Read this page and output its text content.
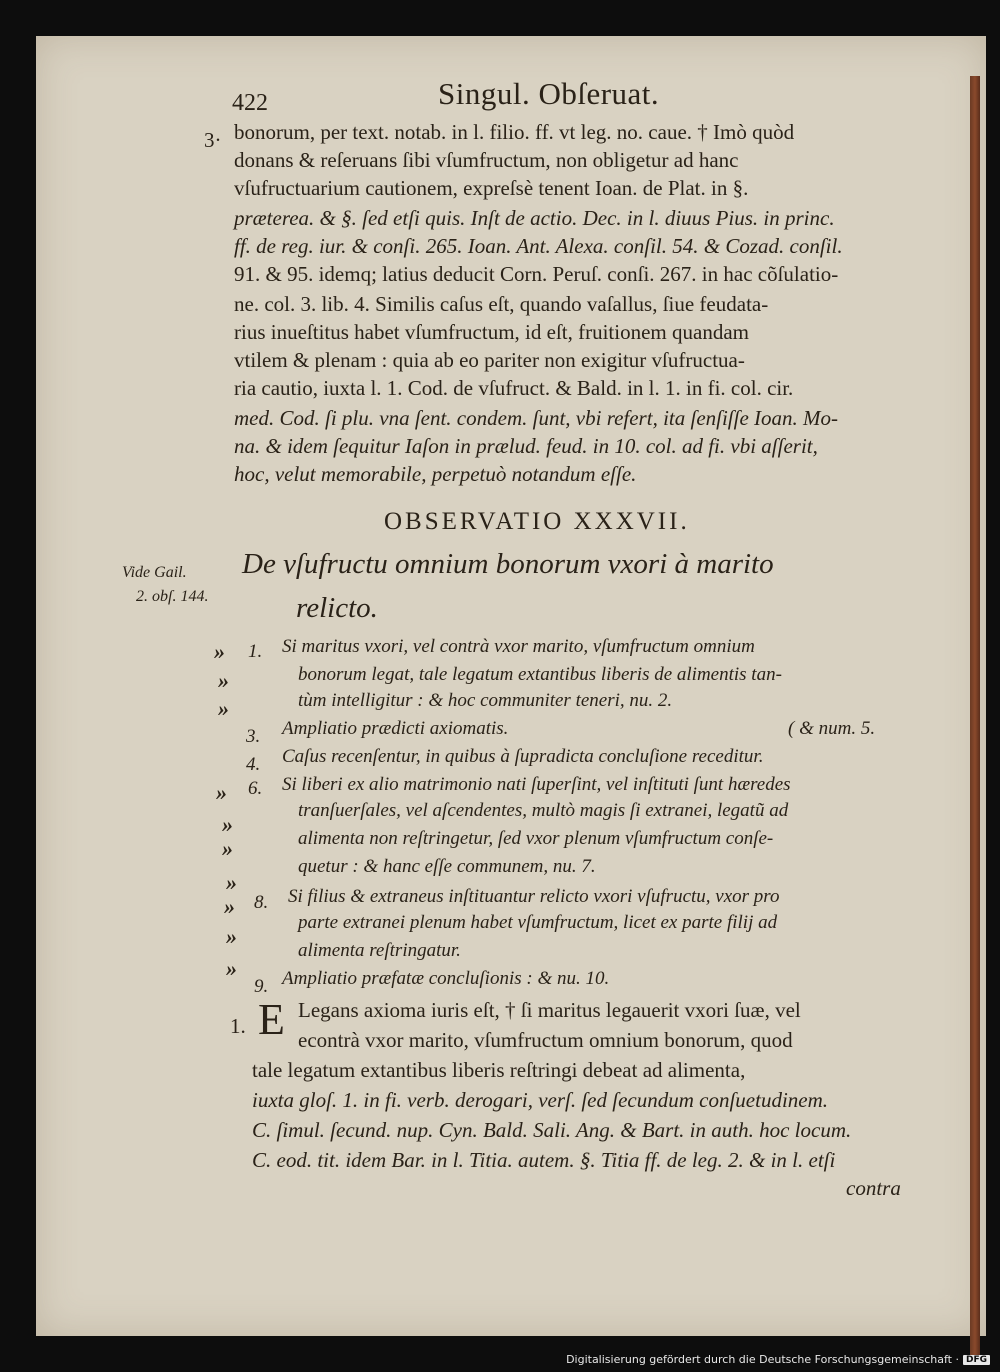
422	Singul. Obſeruat.
3· bonorum, per text. notab. in l. filio. ff. vt leg. no. caue. † Imò quòd
donans & reſeruans ſibi vſumfructum, non obligetur ad hanc
vſufructuarium cautionem, expreſsè tenent Ioan. de Plat. in §.
præterea. & §. ſed etſi quis. Inſt de actio. Dec. in l. diuus Pius. in princ.
ff. de reg. iur. & conſi. 265. Ioan. Ant. Alexa. conſil. 54. & Cozad. conſil.
91. & 95. idemq; latius deducit Corn. Peruſ. conſi. 267. in hac cõſulatio-
ne. col. 3. lib. 4. Similis caſus eſt, quando vaſallus, ſiue feudata-
rius inueſtitus habet vſumfructum, id eſt, fruitionem quandam
vtilem & plenam : quia ab eo pariter non exigitur vſufructua-
ria cautio, iuxta l. 1. Cod. de vſufruct. & Bald. in l. 1. in fi. col. cir.
med. Cod. ſi plu. vna ſent. condem. ſunt, vbi refert, ita ſenſiſſe Ioan. Mo-
na. & idem ſequitur Iaſon in prælud. feud. in 10. col. ad fi. vbi aſſerit,
hoc, velut memorabile, perpetuò notandum eſſe.
OBSERVATIO XXXVII.
Vide Gail.
2. obſ. 144.
De vſufructu omnium bonorum vxori à marito
relicto.
» 1. Si maritus vxori, vel contrà vxor marito, vſumfructum omnium
»	bonorum legat, tale legatum extantibus liberis de alimentis tan-
»	tùm intelligitur : & hoc communiter teneri, nu. 2.
3. Ampliatio prædicti axiomatis.	( & num. 5.
4. Caſus recenſentur, in quibus à ſupradicta concluſione receditur.
» 6. Si liberi ex alio matrimonio nati ſuperſint, vel inſtituti ſunt hæredes
»
tranſuerſales, vel aſcendentes, multò magis ſi extranei, legatũ ad
»	alimenta non reſtringetur, ſed vxor plenum vſumfructum conſe-
»
quetur : & hanc eſſe communem, nu. 7.
» 8. Si filius & extraneus inſtituantur relicto vxori vſufructu, vxor pro
»
parte extranei plenum habet vſumfructum, licet ex parte filij ad
»
alimenta reſtringatur.
9. Ampliatio præfatæ concluſionis : & nu. 10.
1. E Legans axioma iuris eſt, † ſi maritus legauerit vxori ſuæ, vel
econtrà vxor marito, vſumfructum omnium bonorum, quod
tale legatum extantibus liberis reſtringi debeat ad alimenta,
iuxta gloſ. 1. in fi. verb. derogari, verſ. ſed ſecundum conſuetudinem.
C. ſimul. ſecund. nup. Cyn. Bald. Sali. Ang. & Bart. in auth. hoc locum.
C. eod. tit. idem Bar. in l. Titia. autem. §. Titia ff. de leg. 2. & in l. etſi
contra
Digitalisierung gefördert durch die Deutsche Forschungsgemeinschaft · DFG
